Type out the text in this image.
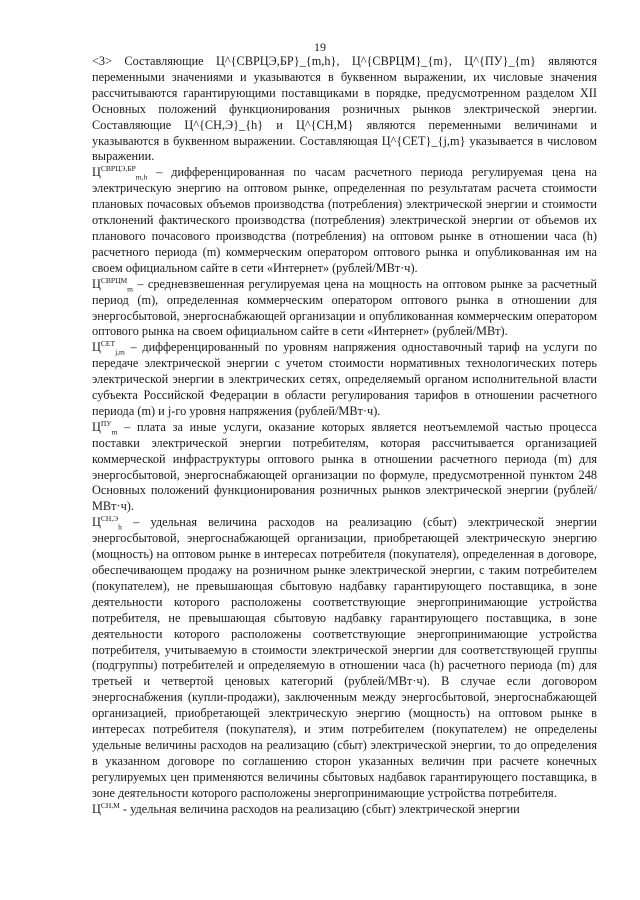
19

<3> Составляющие Ц^{СВРЦЭ,БР}_{m,h}, Ц^{СВРЦМ}_{m}, Ц^{ПУ}_{m} являются переменными значениями и указываются в буквенном выражении, их числовые значения рассчитываются гарантирующими поставщиками в порядке, предусмотренном разделом XII Основных положений функционирования розничных рынков электрической энергии. Составляющие Ц^{СН,Э}_{h} и Ц^{СН,М} являются переменными величинами и указываются в буквенном выражении. Составляющая Ц^{СЕТ}_{j,m} указывается в числовом выражении.

$Ц^{СВРЦЭ,БР}_{m,h}$ – дифференцированная по часам расчетного периода регулируемая цена на электрическую энергию на оптовом рынке, определенная по результатам расчета стоимости плановых почасовых объемов производства (потребления) электрической энергии и стоимости отклонений фактического производства (потребления) электрической энергии от объемов их планового почасового производства (потребления) на оптовом рынке в отношении часа (h) расчетного периода (m) коммерческим оператором оптового рынка и опубликованная им на своем официальном сайте в сети «Интернет» (рублей/МВт·ч).

$Ц^{СВРЦМ}_m$ – средневзвешенная регулируемая цена на мощность на оптовом рынке за расчетный период (m), определенная коммерческим оператором оптового рынка в отношении для энергосбытовой, энергоснабжающей организации и опубликованная коммерческим оператором оптового рынка на своем официальном сайте в сети «Интернет» (рублей/МВт).

$Ц^{СЕТ}_{j,m}$ – дифференцированный по уровням напряжения одноставочный тариф на услуги по передаче электрической энергии с учетом стоимости нормативных технологических потерь электрической энергии в электрических сетях, определяемый органом исполнительной власти субъекта Российской Федерации в области регулирования тарифов в отношении расчетного периода (m) и j-го уровня напряжения (рублей/МВт·ч).

$Ц^{ПУ}_m$ – плата за иные услуги, оказание которых является неотъемлемой частью процесса поставки электрической энергии потребителям, которая рассчитывается организацией коммерческой инфраструктуры оптового рынка в отношении расчетного периода (m) для энергосбытовой, энергоснабжающей организации по формуле, предусмотренной пунктом 248 Основных положений функционирования розничных рынков электрической энергии (рублей/МВт·ч).

$Ц^{СН,Э}_h$ – удельная величина расходов на реализацию (сбыт) электрической энергии энергосбытовой, энергоснабжающей организации, приобретающей электрическую энергию (мощность) на оптовом рынке в интересах потребителя (покупателя), определенная в договоре, обеспечивающем продажу на розничном рынке электрической энергии, с таким потребителем (покупателем), не превышающая сбытовую надбавку гарантирующего поставщика, в зоне деятельности которого расположены соответствующие энергопринимающие устройства потребителя, не превышающая сбытовую надбавку гарантирующего поставщика, в зоне деятельности которого расположены соответствующие энергопринимающие устройства потребителя, учитываемую в стоимости электрической энергии для соответствующей группы (подгруппы) потребителей и определяемую в отношении часа (h) расчетного периода (m) для третьей и четвертой ценовых категорий (рублей/МВт·ч). В случае если договором энергоснабжения (купли-продажи), заключенным между энергосбытовой, энергоснабжающей организацией, приобретающей электрическую энергию (мощность) на оптовом рынке в интересах потребителя (покупателя), и этим потребителем (покупателем) не определены удельные величины расходов на реализацию (сбыт) электрической энергии, то до определения в указанном договоре по соглашению сторон указанных величин при расчете конечных регулируемых цен применяются величины сбытовых надбавок гарантирующего поставщика, в зоне деятельности которого расположены энергопринимающие устройства потребителя.

$Ц^{СН,М}$ - удельная величина расходов на реализацию (сбыт) электрической энергии
